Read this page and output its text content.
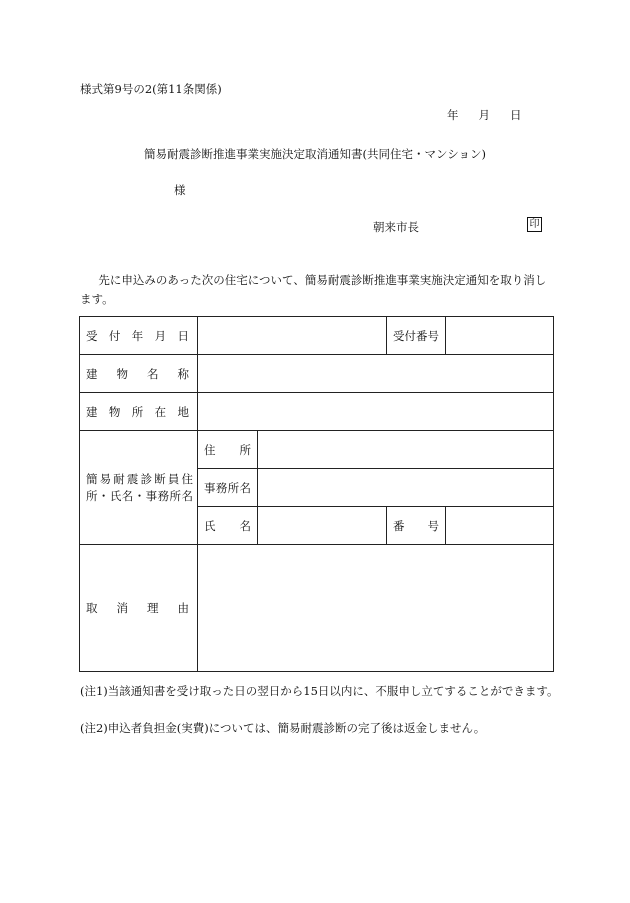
様式第9号の2(第11条関係)
年 月 日
簡易耐震診断推進事業実施決定取消通知書(共同住宅・マンション)
様
朝来市長	印
先に申込みのあった次の住宅について、簡易耐震診断推進事業実施決定通知を取り消します。
受付年月日			受付番号	
建物名称				
建物所在地				

簡易耐震診断員住
所・氏名・事務所名	住所			
	事務所名			
	氏名		番号	
取消理由				
(注1)当該通知書を受け取った日の翌日から15日以内に、不服申し立てすることができます。
(注2)申込者負担金(実費)については、簡易耐震診断の完了後は返金しません。
